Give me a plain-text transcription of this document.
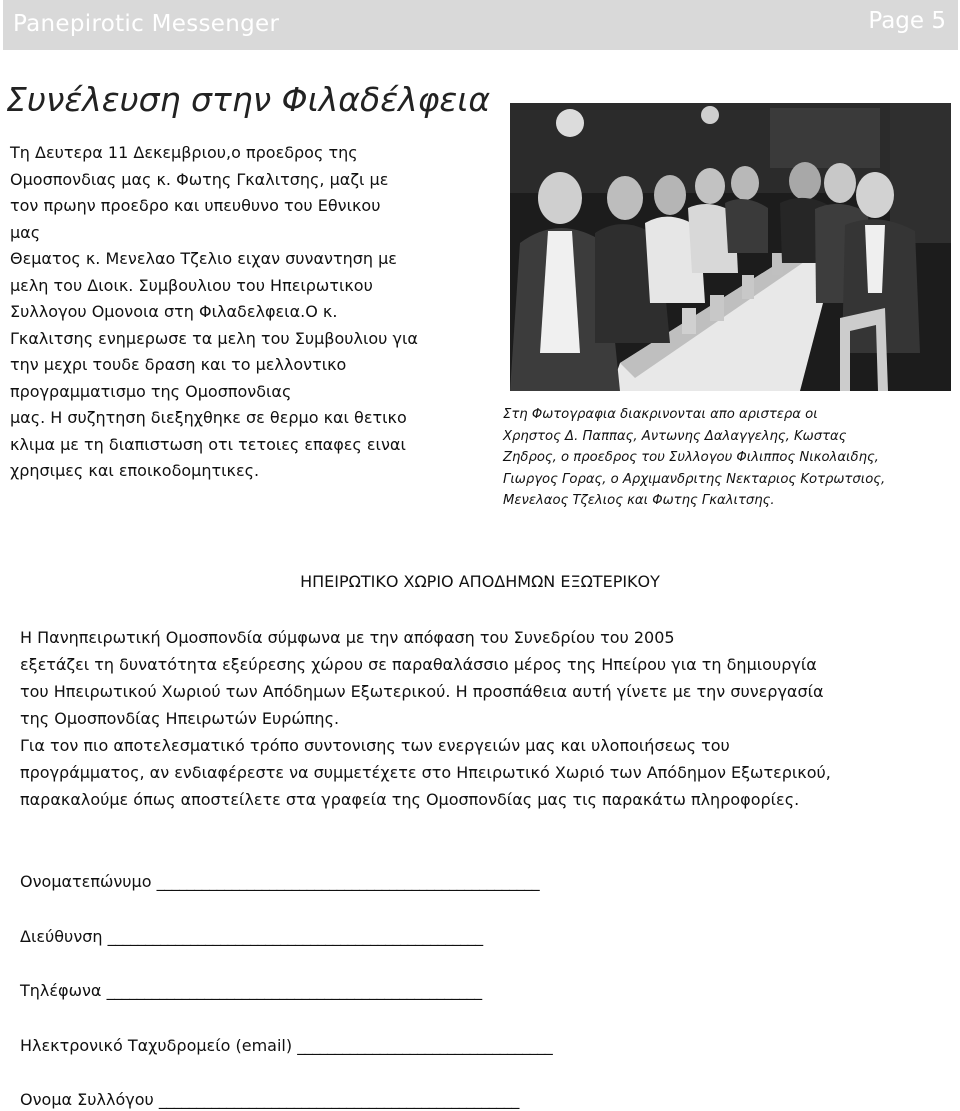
Panepirotic Messenger	Page 5
Συνέλευση στην Φιλαδέλφεια

Τη Δευτερα 11 Δεκεμβριου,ο προεδρος της

Ομοσπονδιας μας κ. Φωτης Γκαλιτσης, μαζι με

τον πρωην προεδρο και υπευθυνο του Εθνικου

μας

Θεματος κ. Μενελαο Τζελιο ειχαν συναντηση με

μελη του Διοικ. Συμβουλιου του Ηπειρωτικου

Συλλογου Ομονοια στη Φιλαδελφεια.Ο κ.

Γκαλιτσης ενημερωσε τα μελη του Συμβουλιου για

την μεχρι τουδε δραση και το μελλοντικο

προγραμματισμο της Ομοσπονδιας

μας. Η συζητηση διεξηχθηκε σε θερμο και θετικο

κλιμα με τη διαπιστωση οτι τετοιες επαφες ειναι

χρησιμες και εποικοδομητικες.

Στη Φωτογραφια διακρινονται απο αριστερα οι

Χρηστος Δ. Παππας, Αντωνης Δαλαγγελης, Κωστας

Ζηδρος, ο προεδρος του Συλλογου Φιλιππος Νικολαιδης,

Γιωργος Γορας, ο Αρχιμανδριτης Νεκταριος Κοτρωτσιος,

Μενελαος Τζελιος και Φωτης Γκαλιτσης.

ΗΠΕΙΡΩΤΙΚΟ ΧΩΡΙΟ ΑΠΟΔΗΜΩΝ ΕΞΩΤΕΡΙΚΟΥ

Η Πανηπειρωτική Ομοσπονδία σύμφωνα με την απόφαση του Συνεδρίου του 2005

εξετάζει τη δυνατότητα εξεύρεσης χώρου σε παραθαλάσσιο μέρος της Ηπείρου για τη δημιουργία

του Ηπειρωτικού Χωριού των Απόδημων Εξωτερικού. Η προσπάθεια αυτή γίνετε με την συνεργασία

της Ομοσπονδίας Ηπειρωτών Ευρώπης.

Για τον πιο αποτελεσματικό τρόπο συντονισης των ενεργειών μας και υλοποιήσεως του

προγράμματος, αν ενδιαφέρεστε να συμμετέχετε στο Ηπειρωτικό Χωριό των Απόδημον Εξωτερικού,

παρακαλούμε όπως αποστείλετε στα γραφεία της Ομοσπονδίας μας τις παρακάτω πληροφορίες.

Ονοματεπώνυμο ___________________________________________________
Διεύθυνση __________________________________________________
Τηλέφωνα __________________________________________________
Ηλεκτρονικό Ταχυδρομείο (email) __________________________________
Ονομα Συλλόγου ________________________________________________
